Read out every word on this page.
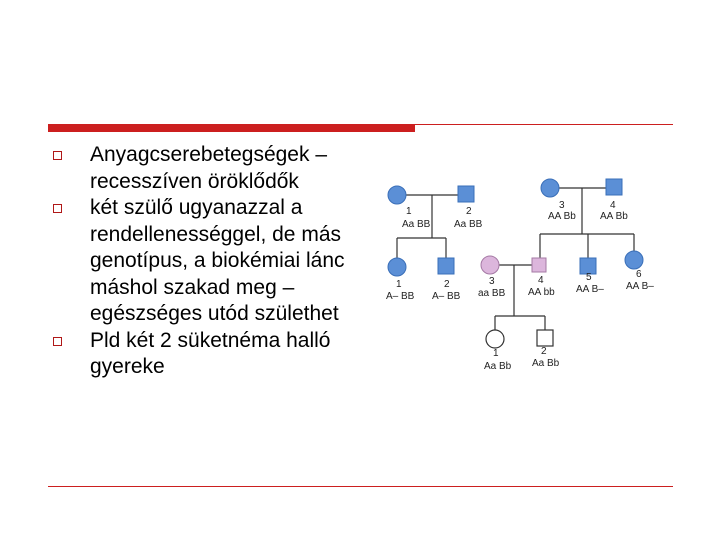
Anyagcserebetegségek – recesszíven öröklődők
két szülő ugyanazzal a rendellenességgel, de más genotípus, a biokémiai lánc máshol szakad meg – egészséges utód születhet
Pld két 2 süketnéma halló gyereke
1
Aa BB
2
Aa BB
3
AA Bb
4
AA Bb
1
A– BB
2
A– BB
3
aa BB
4
AA bb
5
AA B–
6
AA B–
1
Aa Bb
2
Aa Bb
